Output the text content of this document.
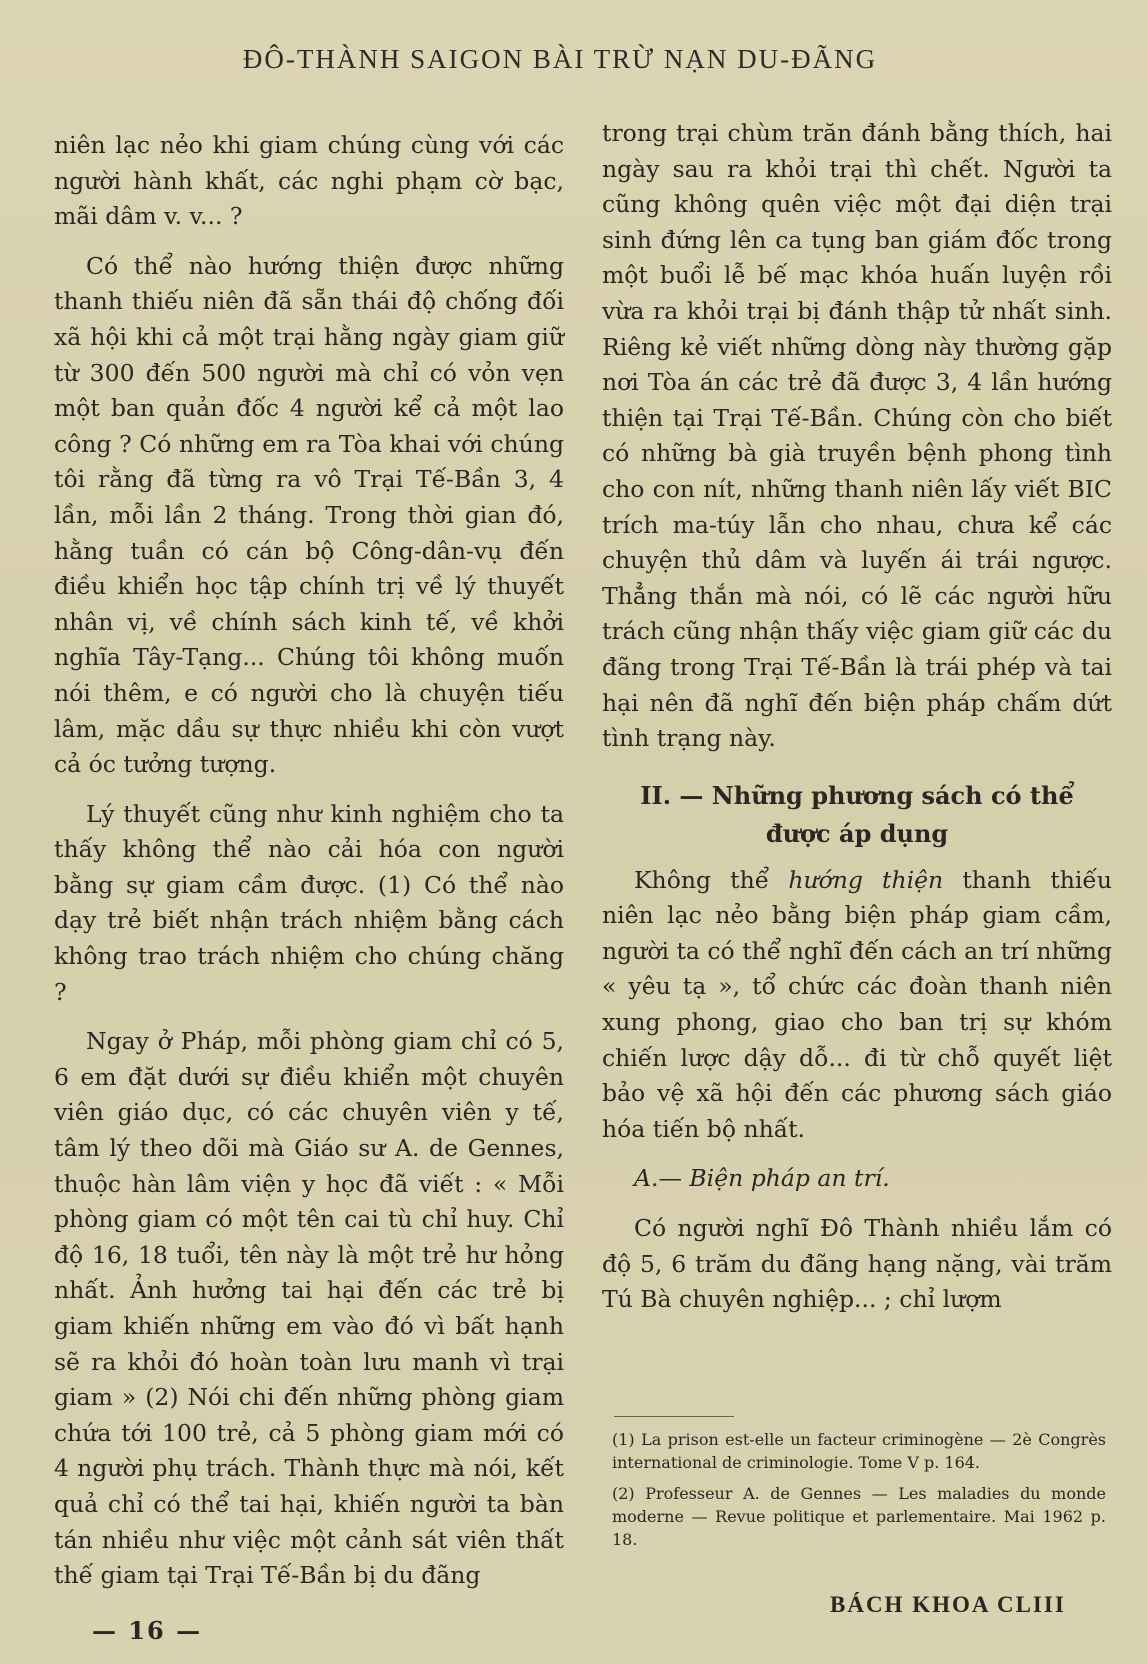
ĐÔ-THÀNH SAIGON BÀI TRỪ NẠN DU-ĐÃNG

niên lạc nẻo khi giam chúng cùng với các người hành khất, các nghi phạm cờ bạc, mãi dâm v. v... ?

Có thể nào hướng thiện được những thanh thiếu niên đã sẵn thái độ chống đối xã hội khi cả một trại hằng ngày giam giữ từ 300 đến 500 người mà chỉ có vỏn vẹn một ban quản đốc 4 người kể cả một lao công ? Có những em ra Tòa khai với chúng tôi rằng đã từng ra vô Trại Tế-Bần 3, 4 lần, mỗi lần 2 tháng. Trong thời gian đó, hằng tuần có cán bộ Công-dân-vụ đến điều khiển học tập chính trị về lý thuyết nhân vị, về chính sách kinh tế, về khởi nghĩa Tây-Tạng... Chúng tôi không muốn nói thêm, e có người cho là chuyện tiếu lâm, mặc dầu sự thực nhiều khi còn vượt cả óc tưởng tượng.

Lý thuyết cũng như kinh nghiệm cho ta thấy không thể nào cải hóa con người bằng sự giam cầm được. (1) Có thể nào dạy trẻ biết nhận trách nhiệm bằng cách không trao trách nhiệm cho chúng chăng ?

Ngay ở Pháp, mỗi phòng giam chỉ có 5, 6 em đặt dưới sự điều khiển một chuyên viên giáo dục, có các chuyên viên y tế, tâm lý theo dõi mà Giáo sư A. de Gennes, thuộc hàn lâm viện y học đã viết : « Mỗi phòng giam có một tên cai tù chỉ huy. Chỉ độ 16, 18 tuổi, tên này là một trẻ hư hỏng nhất. Ảnh hưởng tai hại đến các trẻ bị giam khiến những em vào đó vì bất hạnh sẽ ra khỏi đó hoàn toàn lưu manh vì trại giam » (2) Nói chi đến những phòng giam chứa tới 100 trẻ, cả 5 phòng giam mới có 4 người phụ trách. Thành thực mà nói, kết quả chỉ có thể tai hại, khiến người ta bàn tán nhiều như việc một cảnh sát viên thất thế giam tại Trại Tế-Bần bị du đãng

trong trại chùm trăn đánh bằng thích, hai ngày sau ra khỏi trại thì chết. Người ta cũng không quên việc một đại diện trại sinh đứng lên ca tụng ban giám đốc trong một buổi lễ bế mạc khóa huấn luyện rồi vừa ra khỏi trại bị đánh thập tử nhất sinh. Riêng kẻ viết những dòng này thường gặp nơi Tòa án các trẻ đã được 3, 4 lần hướng thiện tại Trại Tế-Bần. Chúng còn cho biết có những bà già truyền bệnh phong tình cho con nít, những thanh niên lấy viết BIC trích ma-túy lẫn cho nhau, chưa kể các chuyện thủ dâm và luyến ái trái ngược. Thẳng thắn mà nói, có lẽ các người hữu trách cũng nhận thấy việc giam giữ các du đãng trong Trại Tế-Bần là trái phép và tai hại nên đã nghĩ đến biện pháp chấm dứt tình trạng này.

II. — Những phương sách có thể
được áp dụng

Không thể hướng thiện thanh thiếu niên lạc nẻo bằng biện pháp giam cầm, người ta có thể nghĩ đến cách an trí những « yêu tạ », tổ chức các đoàn thanh niên xung phong, giao cho ban trị sự khóm chiến lược dậy dỗ... đi từ chỗ quyết liệt bảo vệ xã hội đến các phương sách giáo hóa tiến bộ nhất.

A.— Biện pháp an trí.

Có người nghĩ Đô Thành nhiều lắm có độ 5, 6 trăm du đãng hạng nặng, vài trăm Tú Bà chuyên nghiệp... ; chỉ lượm

(1) La prison est-elle un facteur criminogène — 2è Congrès international de criminologie. Tome V p. 164.

(2) Professeur A. de Gennes — Les maladies du monde moderne — Revue politique et parlementaire. Mai 1962 p. 18.

— 16 —
BÁCH KHOA CLIII
